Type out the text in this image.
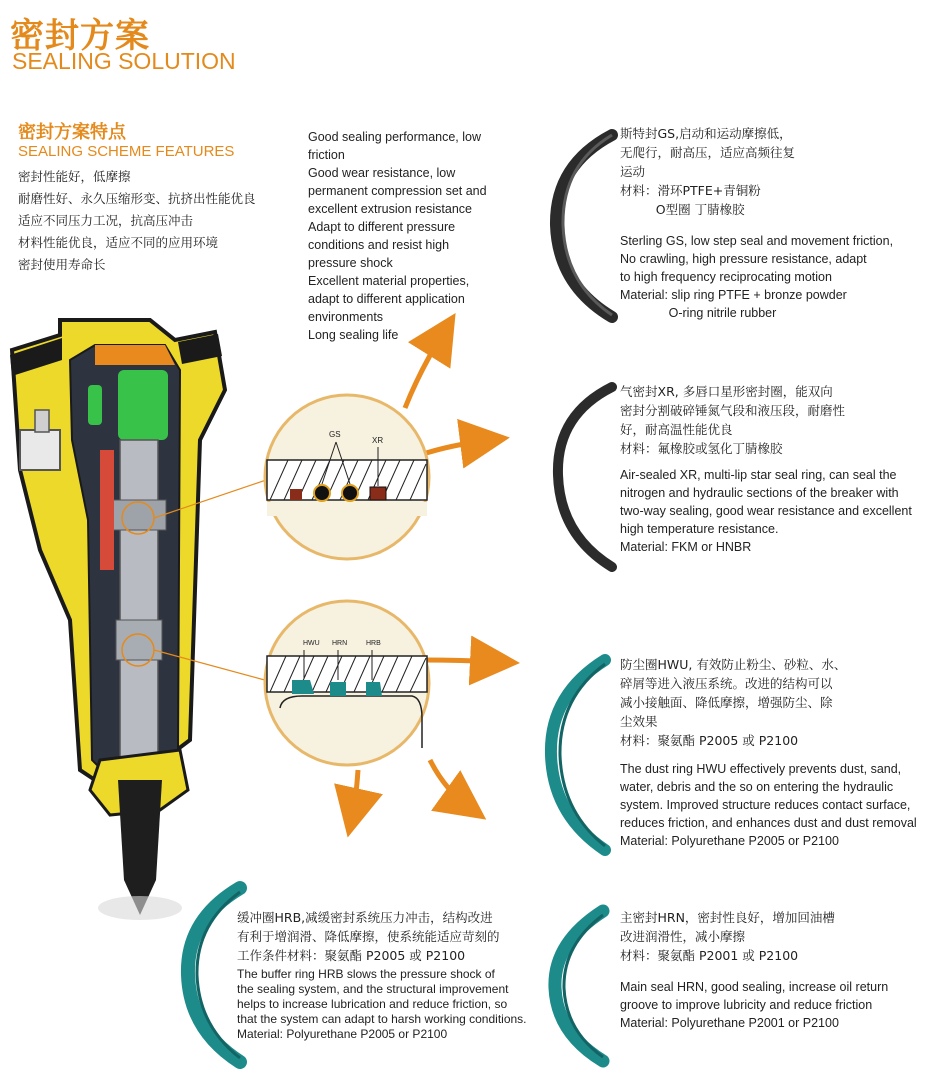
密封方案
SEALING SOLUTION
密封方案特点
SEALING SCHEME FEATURES
密封性能好，低摩擦
耐磨性好、永久压缩形变、抗挤出性能优良
适应不同压力工况，抗高压冲击
材料性能优良，适应不同的应用环境
密封使用寿命长
Good sealing performance, low
friction
Good wear resistance, low
permanent compression set and
excellent extrusion resistance
Adapt to different pressure
conditions and resist high
pressure shock
Excellent material properties,
adapt to different application
environments
Long sealing life
GS
XR
HWU HRN	HRB
斯特封GS,启动和运动摩擦低，
无爬行，耐高压，适应高频往复
运动
材料：滑环PTFE+青铜粉
O型圈 丁腈橡胶
Sterling GS, low step seal and movement friction,
No crawling, high pressure resistance, adapt
to high frequency reciprocating motion
Material: slip ring PTFE + bronze powder
O-ring nitrile rubber
气密封XR, 多唇口星形密封圈，能双向
密封分割破碎锤氮气段和液压段，耐磨性
好，耐高温性能优良
材料：氟橡胶或氢化丁腈橡胶
Air-sealed XR, multi-lip star seal ring, can seal the
nitrogen and hydraulic sections of the breaker with
two-way sealing, good wear resistance and excellent
high temperature resistance.
Material: FKM or HNBR
防尘圈HWU, 有效防止粉尘、砂粒、水、
碎屑等进入液压系统。改进的结构可以
减小接触面、降低摩擦，增强防尘、除
尘效果
材料：聚氨酯 P2005 或 P2100
The dust ring HWU effectively prevents dust, sand,
water, debris and the so on entering the hydraulic
system. Improved structure reduces contact surface,
reduces friction, and enhances dust and dust removal
Material: Polyurethane P2005 or P2100
缓冲圈HRB,减缓密封系统压力冲击，结构改进
有利于增润滑、降低摩擦，使系统能适应苛刻的
工作条件材料：聚氨酯 P2005 或 P2100
The buffer ring HRB slows the pressure shock of
the sealing system, and the structural improvement
helps to increase lubrication and reduce friction, so
that the system can adapt to harsh working conditions.
Material: Polyurethane P2005 or P2100
主密封HRN，密封性良好，增加回油槽
改进润滑性，减小摩擦
材料：聚氨酯 P2001 或 P2100
Main seal HRN, good sealing, increase oil return
groove to improve lubricity and reduce friction
Material: Polyurethane P2001 or P2100
